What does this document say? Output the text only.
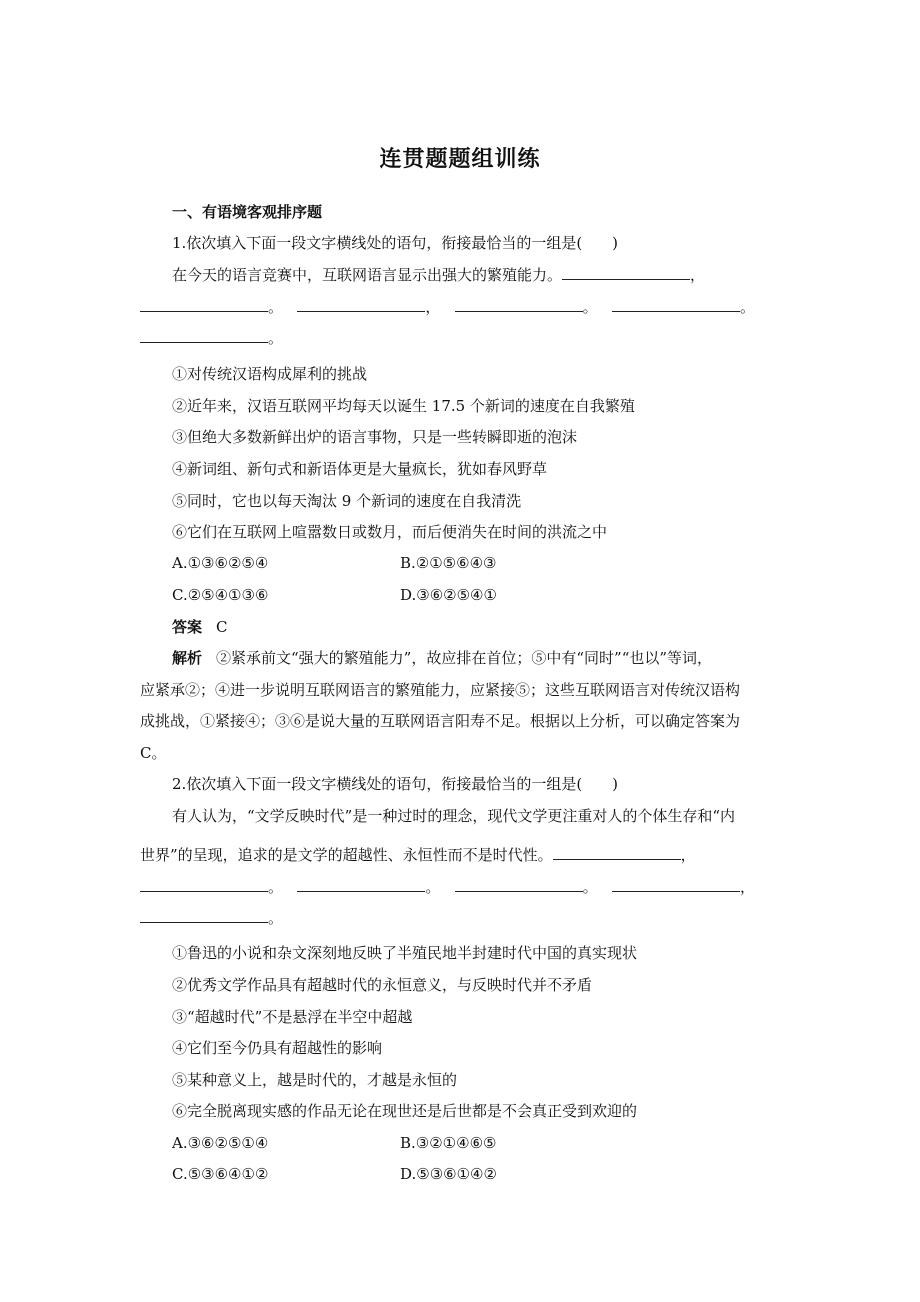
连贯题题组训练
一、有语境客观排序题
1.依次填入下面一段文字横线处的语句，衔接最恰当的一组是(　　)
在今天的语言竞赛中，互联网语言显示出强大的繁殖能力。	，
。	，	。	。
。
①对传统汉语构成犀利的挑战
②近年来，汉语互联网平均每天以诞生 17.5 个新词的速度在自我繁殖
③但绝大多数新鲜出炉的语言事物，只是一些转瞬即逝的泡沫
④新词组、新句式和新语体更是大量疯长，犹如春风野草
⑤同时，它也以每天淘汰 9 个新词的速度在自我清洗
⑥它们在互联网上喧嚣数日或数月，而后便消失在时间的洪流之中
A.①③⑥②⑤④	B.②①⑤⑥④③
C.②⑤④①③⑥	D.③⑥②⑤④①
答案 C
解析 ②紧承前文“强大的繁殖能力”，故应排在首位；⑤中有“同时”“也以”等词，
应紧承②；④进一步说明互联网语言的繁殖能力，应紧接⑤；这些互联网语言对传统汉语构
成挑战，①紧接④；③⑥是说大量的互联网语言阳寿不足。根据以上分析，可以确定答案为
C。
2.依次填入下面一段文字横线处的语句，衔接最恰当的一组是(　　)
有人认为，“文学反映时代”是一种过时的理念，现代文学更注重对人的个体生存和“内
世界”的呈现，追求的是文学的超越性、永恒性而不是时代性。	，
。	。	。	，
。
①鲁迅的小说和杂文深刻地反映了半殖民地半封建时代中国的真实现状
②优秀文学作品具有超越时代的永恒意义，与反映时代并不矛盾
③“超越时代”不是悬浮在半空中超越
④它们至今仍具有超越性的影响
⑤某种意义上，越是时代的，才越是永恒的
⑥完全脱离现实感的作品无论在现世还是后世都是不会真正受到欢迎的
A.③⑥②⑤①④	B.③②①④⑥⑤
C.⑤③⑥④①②	D.⑤③⑥①④②
